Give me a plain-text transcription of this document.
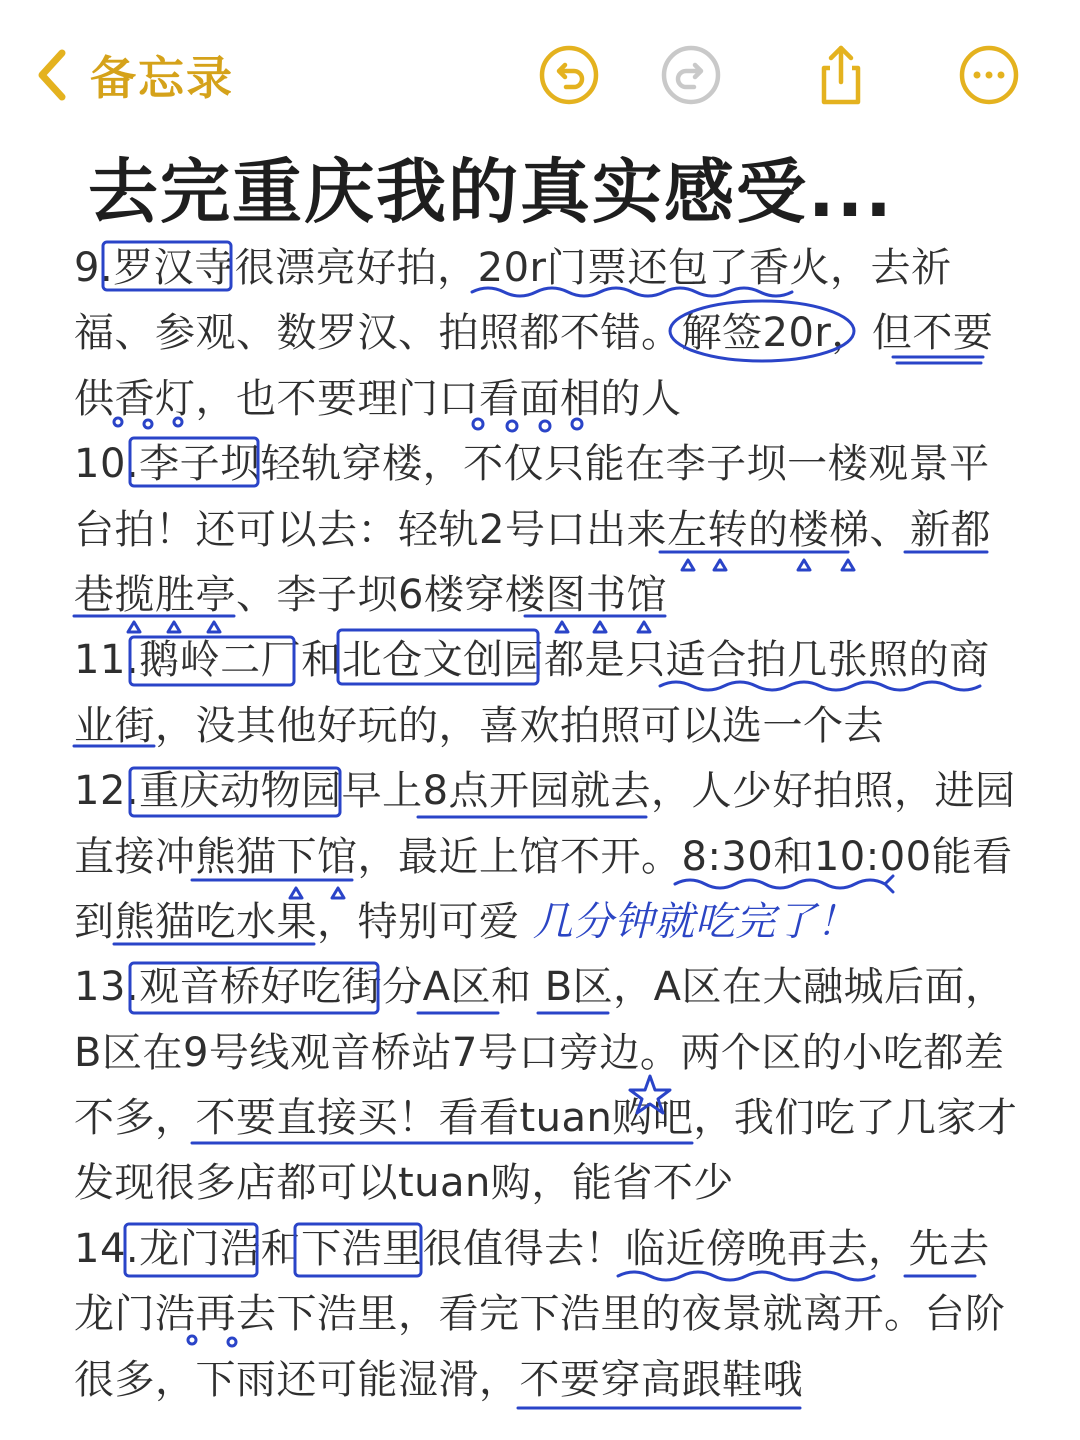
备忘录
去完重庆我的真实感受...
9.罗汉寺很漂亮好拍，20r门票还包了香火，去祈
福、参观、数罗汉、拍照都不错。解签20r，但不要
供香灯，也不要理门口看面相的人
10.李子坝轻轨穿楼，不仅只能在李子坝一楼观景平
台拍！还可以去：轻轨2号口出来左转的楼梯、新都
巷揽胜亭、李子坝6楼穿楼图书馆
11.鹅岭二厂和北仓文创园都是只适合拍几张照的商
业街，没其他好玩的，喜欢拍照可以选一个去
12.重庆动物园早上8点开园就去，人少好拍照，进园
直接冲熊猫下馆，最近上馆不开。8:30和10:00能看
到熊猫吃水果，特别可爱 几分钟就吃完了！
13.观音桥好吃街分A区和 B区，A区在大融城后面，
B区在9号线观音桥站7号口旁边。两个区的小吃都差
不多，不要直接买！看看tuan购吧，我们吃了几家才
发现很多店都可以tuan购，能省不少
14.龙门浩和下浩里很值得去！临近傍晚再去，先去
龙门浩再去下浩里，看完下浩里的夜景就离开。台阶
很多，下雨还可能湿滑，不要穿高跟鞋哦
